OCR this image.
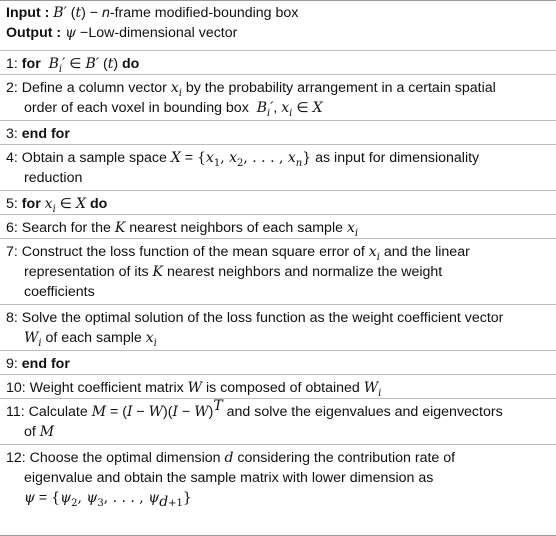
Input : B′ (t) − n-frame modified-bounding box
Output : ψ −Low-dimensional vector
1: for $B_i'$ ∈ B′ (t) do
2: Define a column vector $x_i$ by the probability arrangement in a certain spatial
order of each voxel in bounding box  $B_i'$, $x_i$ ∈ X
3: end for
4: Obtain a sample space $X = \{x_1$, $x_2$, . . . , $x_n$} as input for dimensionality
reduction
5: for $x_i$ ∈ X do
6: Search for the K nearest neighbors of each sample $x_i$
7: Construct the loss function of the mean square error of $x_i$ and the linear
representation of its K nearest neighbors and normalize the weight
coefficients
8: Solve the optimal solution of the loss function as the weight coefficient vector
$W_i$ of each sample $x_i$
9: end for
10: Weight coefficient matrix W is composed of obtained $W_i$
11: Calculate $M = (I - W)(I - W)^T$ and solve the eigenvalues and eigenvectors
of M
12: Choose the optimal dimension d considering the contribution rate of
eigenvalue and obtain the sample matrix with lower dimension as
$\psi = \{\psi_2$, $\psi_3$, . . . , $\psi_{d+1}$}
